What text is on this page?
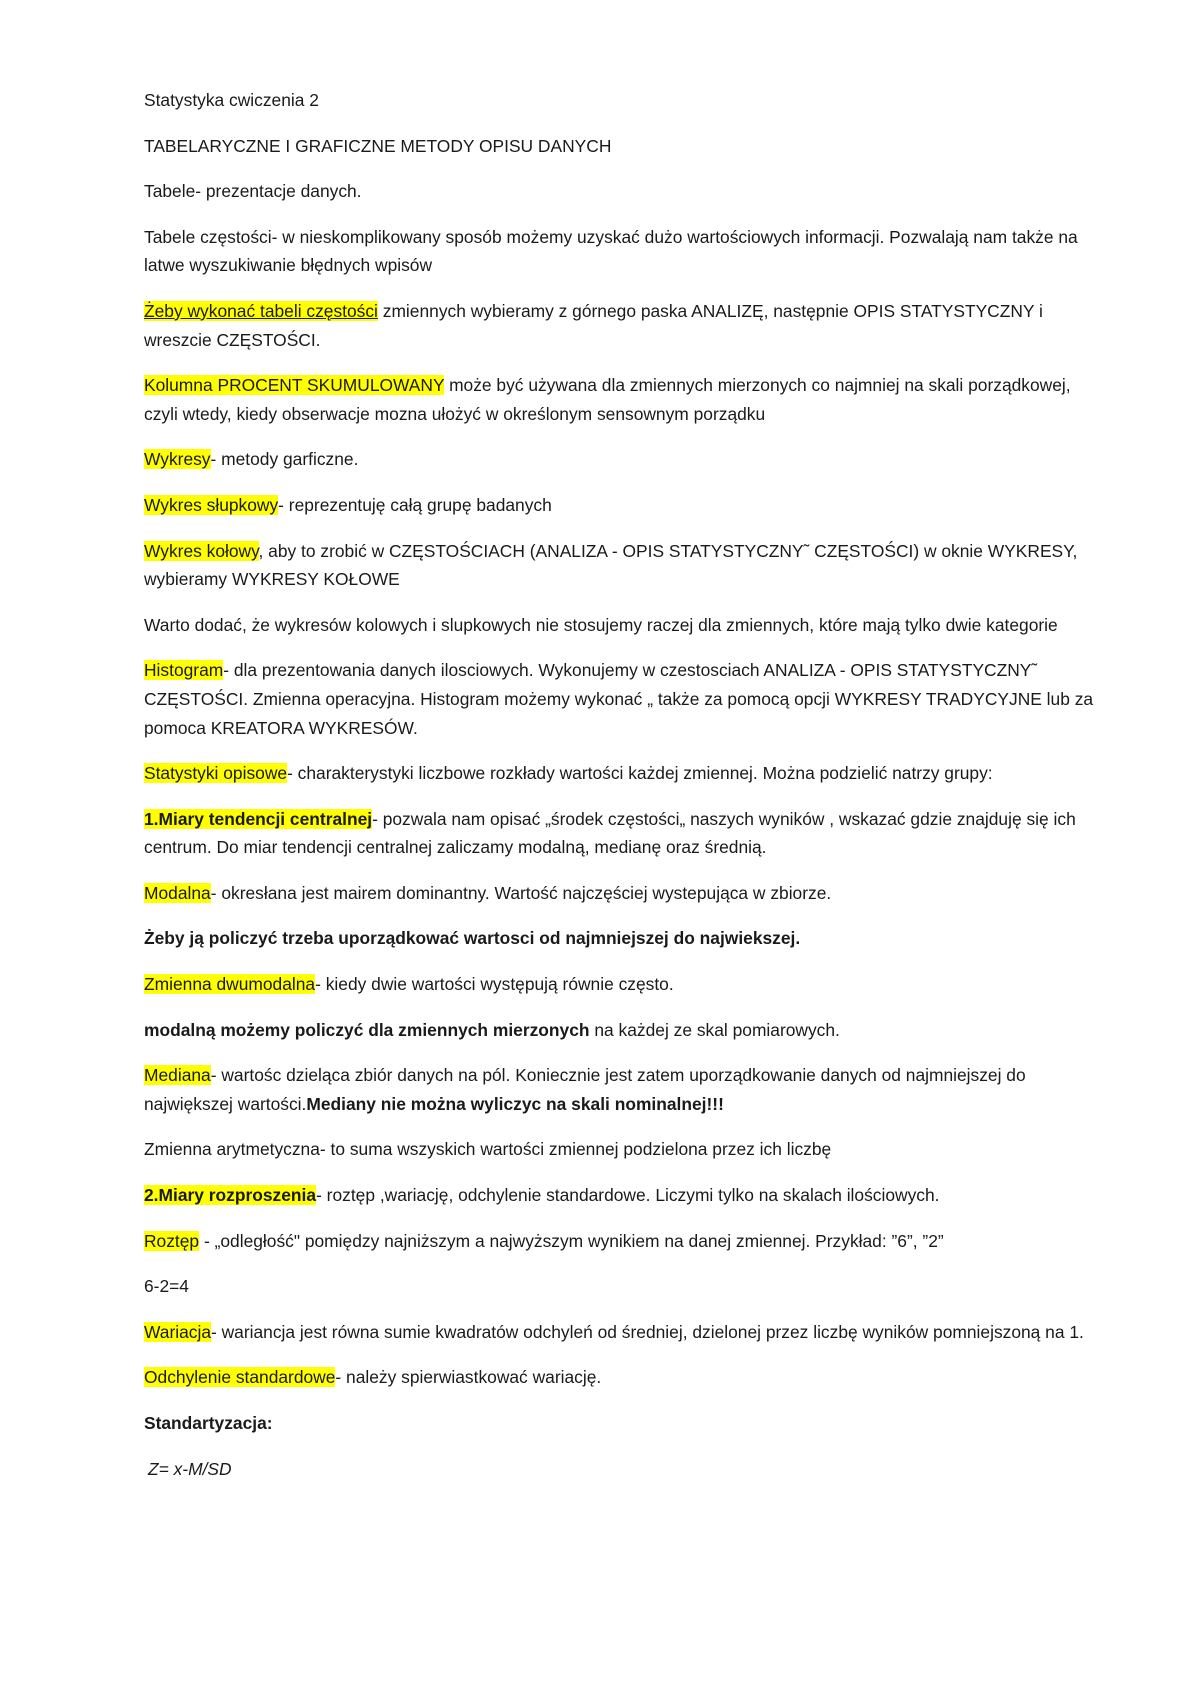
Statystyka cwiczenia 2

TABELARYCZNE I GRAFICZNE METODY OPISU DANYCH

Tabele- prezentacje danych.

Tabele częstości- w nieskomplikowany sposób możemy uzyskać dużo wartościowych informacji. Pozwalają nam także na latwe wyszukiwanie błędnych wpisów

Żeby wykonać tabeli częstości zmiennych wybieramy z górnego paska ANALIZĘ, następnie OPIS STATYSTYCZNY i wreszcie CZĘSTOŚCI.

Kolumna PROCENT SKUMULOWANY może być używana dla zmiennych mierzonych co najmniej na skali porządkowej, czyli wtedy, kiedy obserwacje mozna ułożyć w określonym sensownym porządku

Wykresy- metody garficzne.

Wykres słupkowy- reprezentuję całą grupę badanych

Wykres kołowy, aby to zrobić w CZĘSTOŚCIACH (ANALIZA - OPIS STATYSTYCZNY˜ CZĘSTOŚCI) w oknie WYKRESY, wybieramy WYKRESY KOŁOWE

Warto dodać, że wykresów kolowych i slupkowych nie stosujemy raczej dla zmiennych, które mają tylko dwie kategorie

Histogram- dla prezentowania danych ilosciowych. Wykonujemy w czestosciach ANALIZA - OPIS STATYSTYCZNY˜ CZĘSTOŚCI. Zmienna operacyjna. Histogram możemy wykonać „ także za pomocą opcji WYKRESY TRADYCYJNE lub za pomoca KREATORA WYKRESÓW.

Statystyki opisowe- charakterystyki liczbowe rozkłady wartości każdej zmiennej. Można podzielić natrzy grupy:

1.Miary tendencji centralnej- pozwala nam opisać „środek częstości„ naszych wyników , wskazać gdzie znajduję się ich centrum. Do miar tendencji centralnej zaliczamy modalną, medianę oraz średnią.

Modalna- okresłana jest mairem dominantny. Wartość najczęściej wystepująca w zbiorze.

Żeby ją policzyć trzeba uporządkować wartosci od najmniejszej do najwiekszej.

Zmienna dwumodalna- kiedy dwie wartości występują równie często.

modalną możemy policzyć dla zmiennych mierzonych na każdej ze skal pomiarowych.

Mediana- wartośc dzieląca zbiór danych na pól. Koniecznie jest zatem uporządkowanie danych od najmniejszej do największej wartości.Mediany nie można wyliczyc na skali nominalnej!!!

Zmienna arytmetyczna- to suma wszyskich wartości zmiennej podzielona przez ich liczbę

2.Miary rozproszenia- roztęp ,wariację, odchylenie standardowe. Liczymi tylko na skalach ilościowych.

Roztęp - „odległość" pomiędzy najniższym a najwyższym wynikiem na danej zmiennej. Przykład: ”6”, ”2”

6-2=4

Wariacja- wariancja jest równa sumie kwadratów odchyleń od średniej, dzielonej przez liczbę wyników pomniejszoną na 1.

Odchylenie standardowe- należy spierwiastkować wariację.

Standartyzacja:

Z= x-M/SD
